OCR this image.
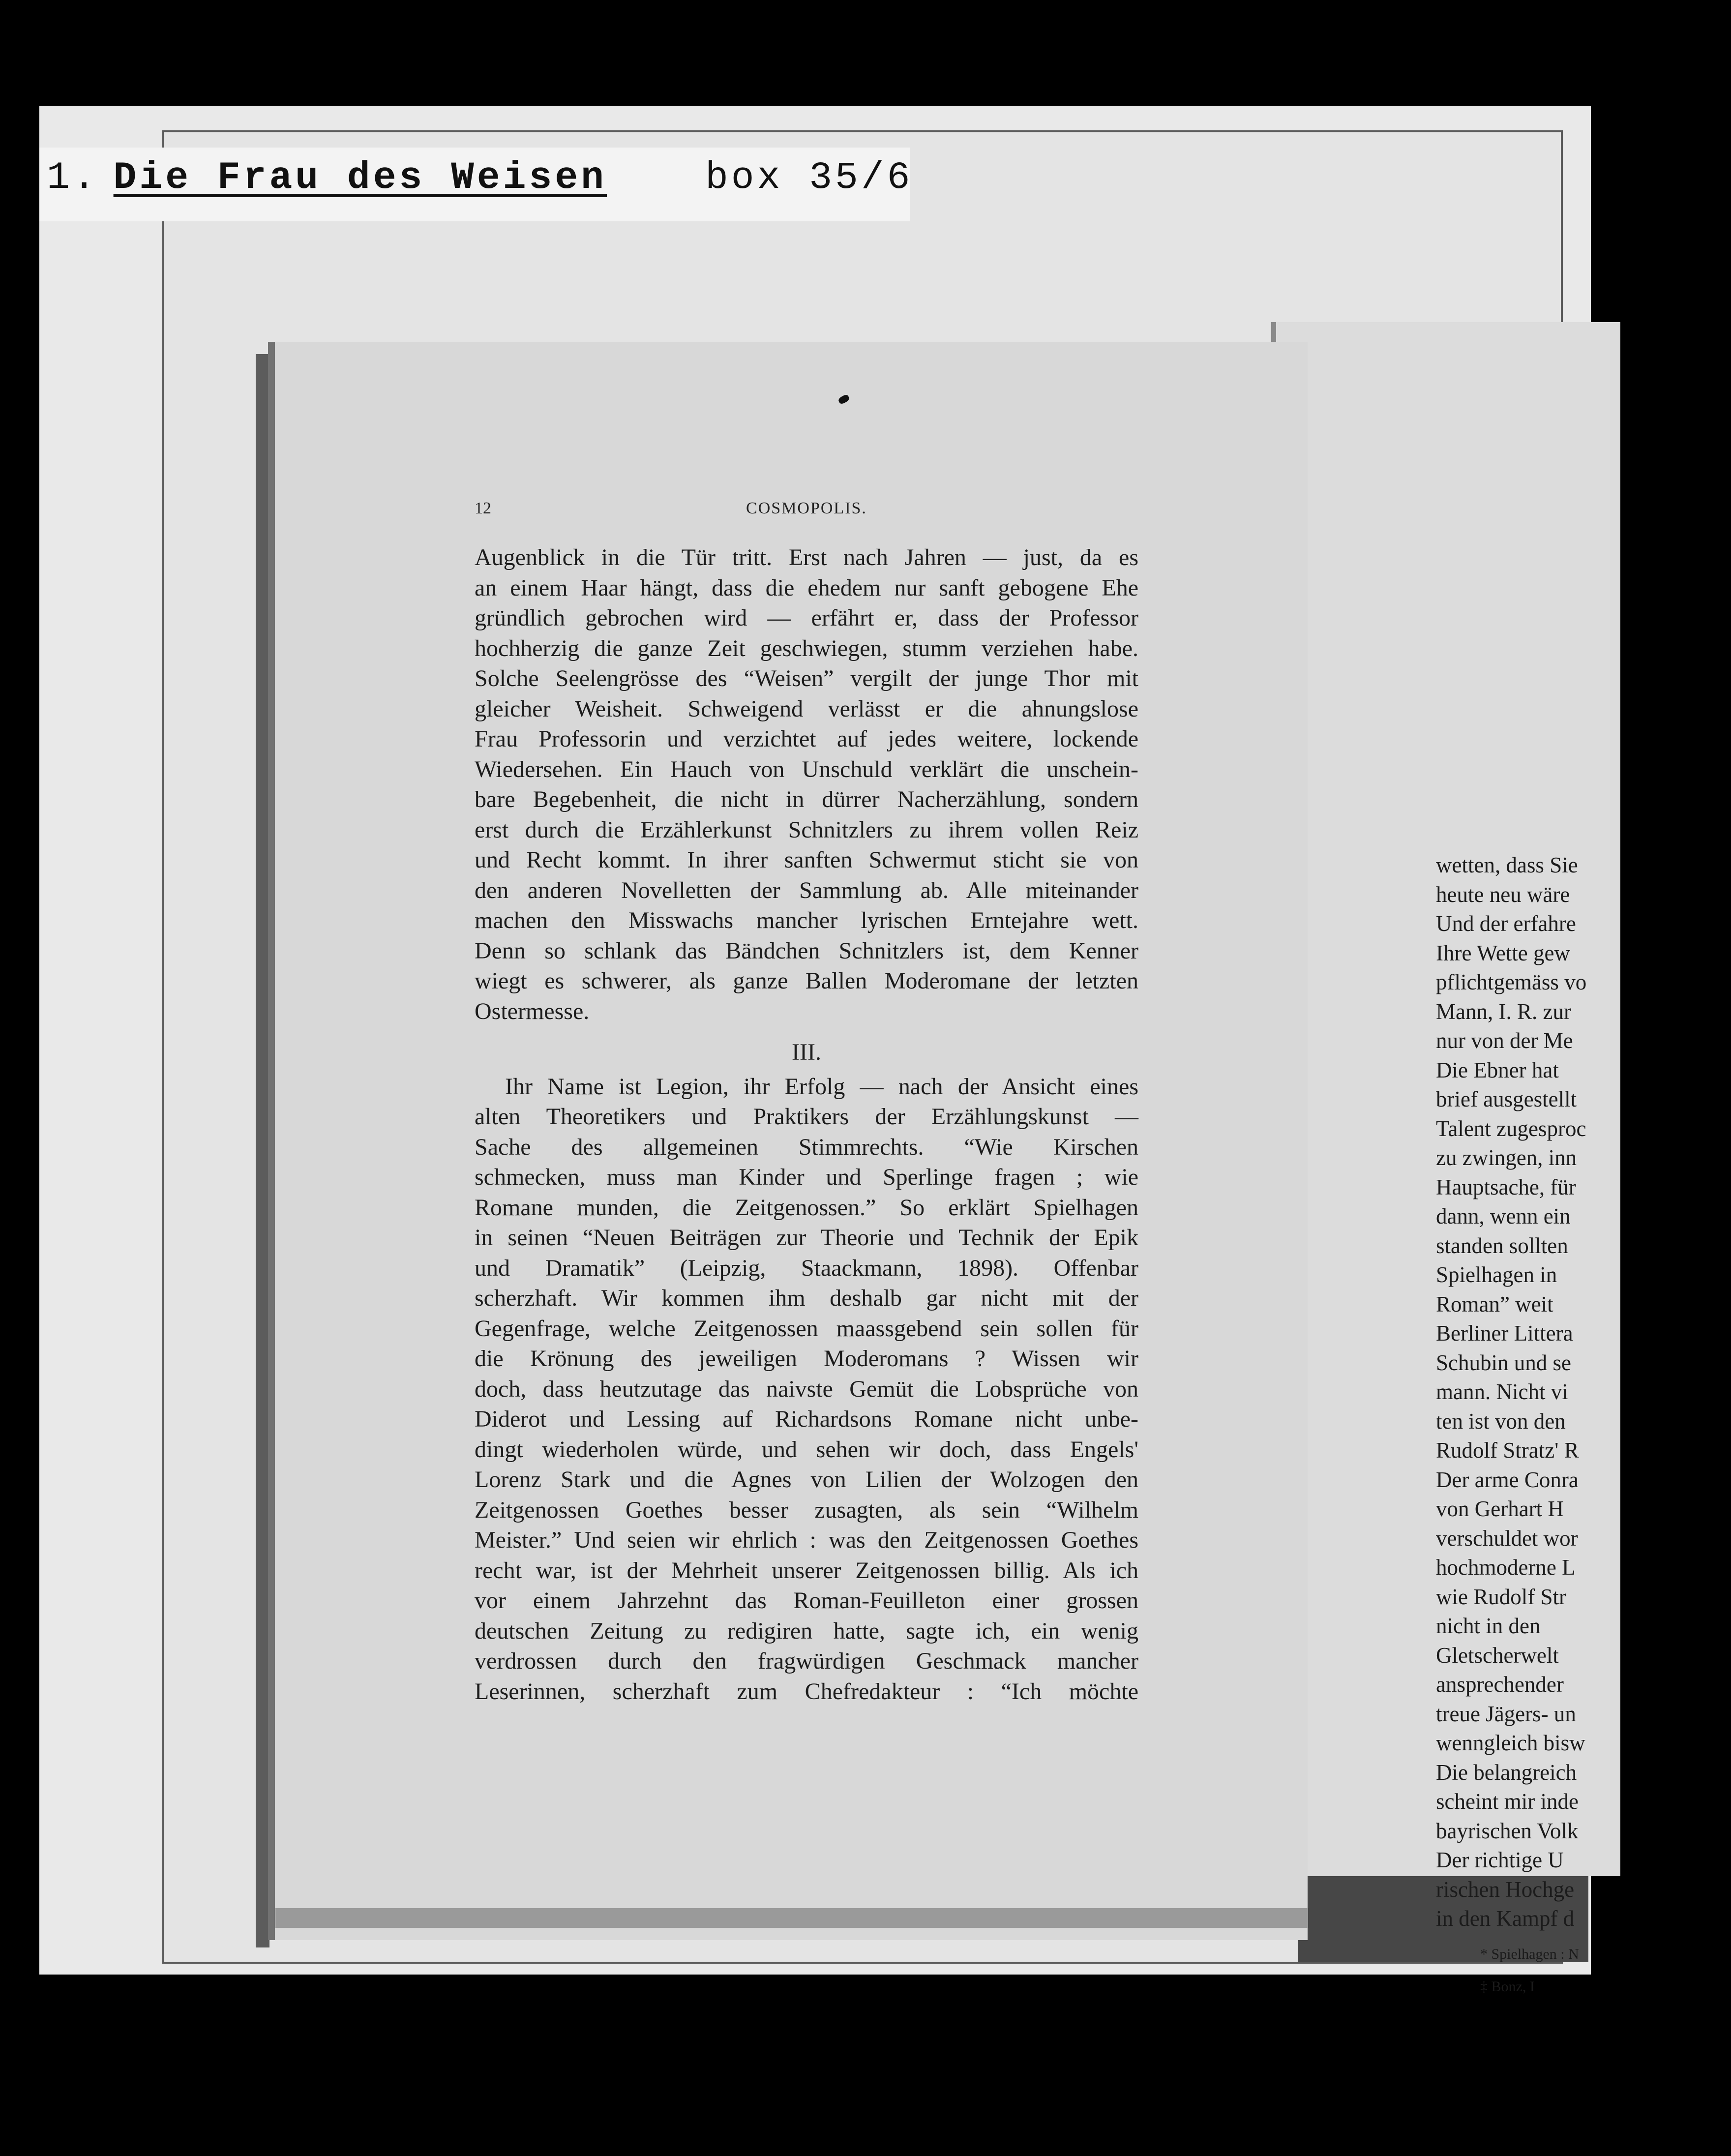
1. Die Frau des Weisen	box 35/6
wetten, dass Sie
heute neu wäre
Und der erfahre
Ihre Wette gew
pflichtgemäss vo
Mann, I. R. zur
nur von der Me
Die Ebner hat
brief ausgestellt
Talent zugesproc
zu zwingen, inn
Hauptsache, für
dann, wenn ein
standen sollten
Spielhagen in
Roman” weit
Berliner Littera
Schubin und se
mann. Nicht vi
ten ist von den
Rudolf Stratz' R
Der arme Conra
von Gerhart H
verschuldet wor
hochmoderne L
wie Rudolf Str
nicht in den
Gletscherwelt
ansprechender
treue Jägers- un
wenngleich bisw
Die belangreich
scheint mir inde
bayrischen Volk
Der richtige U
rischen Hochge
in den Kampf d
* Spielhagen : N
‡ Bonz, I
12	COSMOPOLIS.
Augenblick in die Tür tritt. Erst nach Jahren — just, da es
an einem Haar hängt, dass die ehedem nur sanft gebogene Ehe
gründlich gebrochen wird — erfährt er, dass der Professor
hochherzig die ganze Zeit geschwiegen, stumm verziehen habe.
Solche Seelengrösse des “Weisen” vergilt der junge Thor mit
gleicher Weisheit. Schweigend verlässt er die ahnungslose
Frau Professorin und verzichtet auf jedes weitere, lockende
Wiedersehen. Ein Hauch von Unschuld verklärt die unschein-
bare Begebenheit, die nicht in dürrer Nacherzählung, sondern
erst durch die Erzählerkunst Schnitzlers zu ihrem vollen Reiz
und Recht kommt. In ihrer sanften Schwermut sticht sie von
den anderen Novelletten der Sammlung ab. Alle miteinander
machen den Misswachs mancher lyrischen Erntejahre wett.
Denn so schlank das Bändchen Schnitzlers ist, dem Kenner
wiegt es schwerer, als ganze Ballen Moderomane der letzten
Ostermesse.
III.
Ihr Name ist Legion, ihr Erfolg — nach der Ansicht eines
alten Theoretikers und Praktikers der Erzählungskunst —
Sache des allgemeinen Stimmrechts. “Wie Kirschen
schmecken, muss man Kinder und Sperlinge fragen ; wie
Romane munden, die Zeitgenossen.” So erklärt Spielhagen
in seinen “Neuen Beiträgen zur Theorie und Technik der Epik
und Dramatik” (Leipzig, Staackmann, 1898). Offenbar
scherzhaft. Wir kommen ihm deshalb gar nicht mit der
Gegenfrage, welche Zeitgenossen maassgebend sein sollen für
die Krönung des jeweiligen Moderomans ? Wissen wir
doch, dass heutzutage das naivste Gemüt die Lobsprüche von
Diderot und Lessing auf Richardsons Romane nicht unbe-
dingt wiederholen würde, und sehen wir doch, dass Engels'
Lorenz Stark und die Agnes von Lilien der Wolzogen den
Zeitgenossen Goethes besser zusagten, als sein “Wilhelm
Meister.” Und seien wir ehrlich : was den Zeitgenossen Goethes
recht war, ist der Mehrheit unserer Zeitgenossen billig. Als ich
vor einem Jahrzehnt das Roman-Feuilleton einer grossen
deutschen Zeitung zu redigiren hatte, sagte ich, ein wenig
verdrossen durch den fragwürdigen Geschmack mancher
Leserinnen, scherzhaft zum Chefredakteur : “Ich möchte
